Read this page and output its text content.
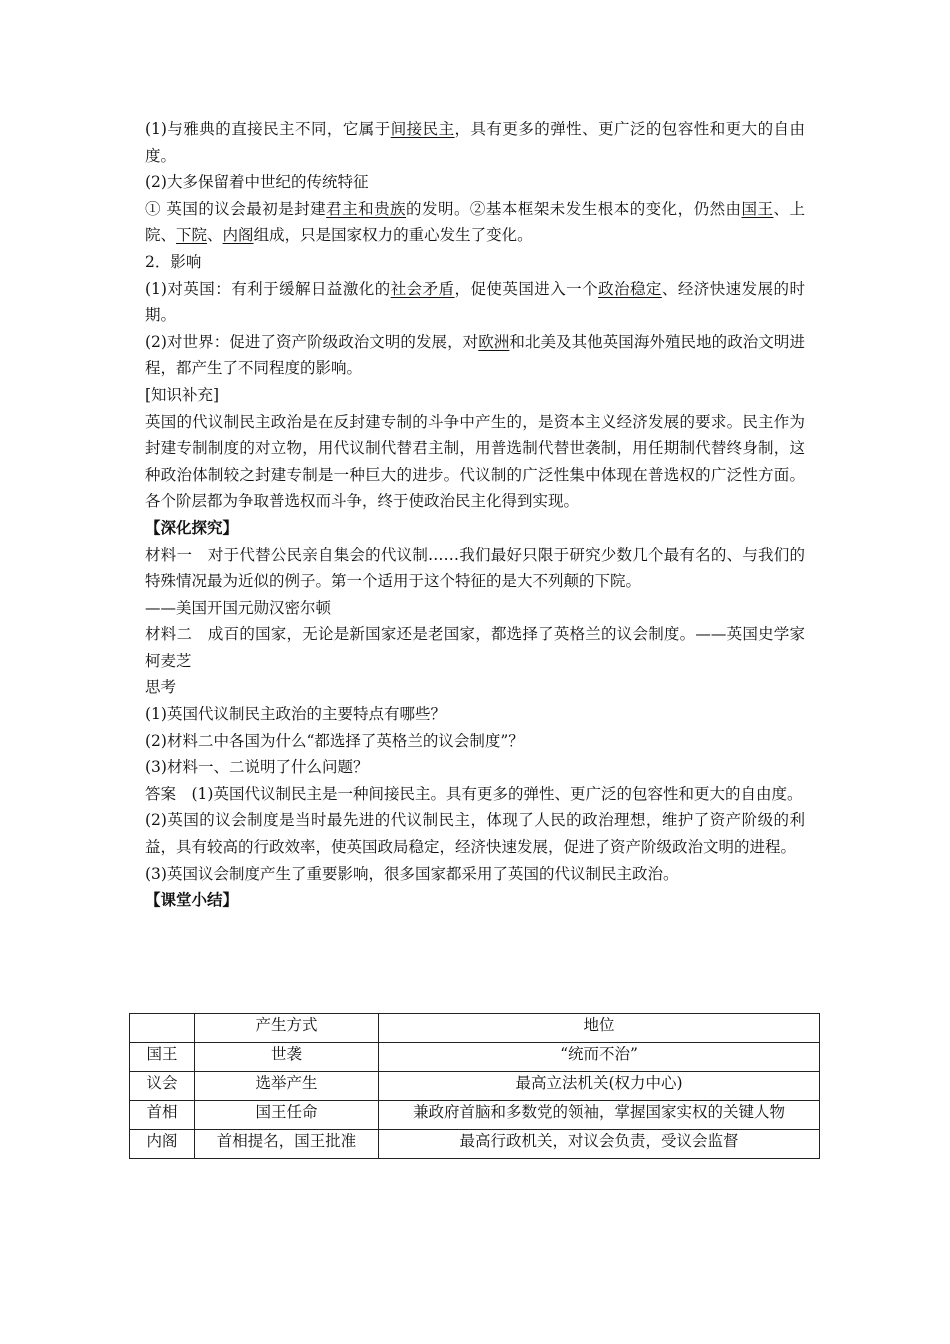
(1)与雅典的直接民主不同，它属于间接民主，具有更多的弹性、更广泛的包容性和更大的自由度。

(2)大多保留着中世纪的传统特征

① 英国的议会最初是封建君主和贵族的发明。②基本框架未发生根本的变化，仍然由国王、上院、下院、内阁组成，只是国家权力的重心发生了变化。

2．影响

(1)对英国：有利于缓解日益激化的社会矛盾，促使英国进入一个政治稳定、经济快速发展的时期。

(2)对世界：促进了资产阶级政治文明的发展，对欧洲和北美及其他英国海外殖民地的政治文明进程，都产生了不同程度的影响。

[知识补充]

英国的代议制民主政治是在反封建专制的斗争中产生的，是资本主义经济发展的要求。民主作为封建专制制度的对立物，用代议制代替君主制，用普选制代替世袭制，用任期制代替终身制，这种政治体制较之封建专制是一种巨大的进步。代议制的广泛性集中体现在普选权的广泛性方面。各个阶层都为争取普选权而斗争，终于使政治民主化得到实现。

【深化探究】

材料一　对于代替公民亲自集会的代议制……我们最好只限于研究少数几个最有名的、与我们的特殊情况最为近似的例子。第一个适用于这个特征的是大不列颠的下院。

——美国开国元勋汉密尔顿

材料二　成百的国家，无论是新国家还是老国家，都选择了英格兰的议会制度。——英国史学家柯麦芝

思考

(1)英国代议制民主政治的主要特点有哪些？

(2)材料二中各国为什么“都选择了英格兰的议会制度”？

(3)材料一、二说明了什么问题？

答案　(1)英国代议制民主是一种间接民主。具有更多的弹性、更广泛的包容性和更大的自由度。

(2)英国的议会制度是当时最先进的代议制民主，体现了人民的政治理想，维护了资产阶级的利益，具有较高的行政效率，使英国政局稳定，经济快速发展，促进了资产阶级政治文明的进程。

(3)英国议会制度产生了重要影响，很多国家都采用了英国的代议制民主政治。

【课堂小结】

	产生方式	地位
国王	世袭	“统而不治”
议会	选举产生	最高立法机关(权力中心)
首相	国王任命	兼政府首脑和多数党的领袖，掌握国家实权的关键人物
内阁	首相提名，国王批准	最高行政机关，对议会负责，受议会监督
